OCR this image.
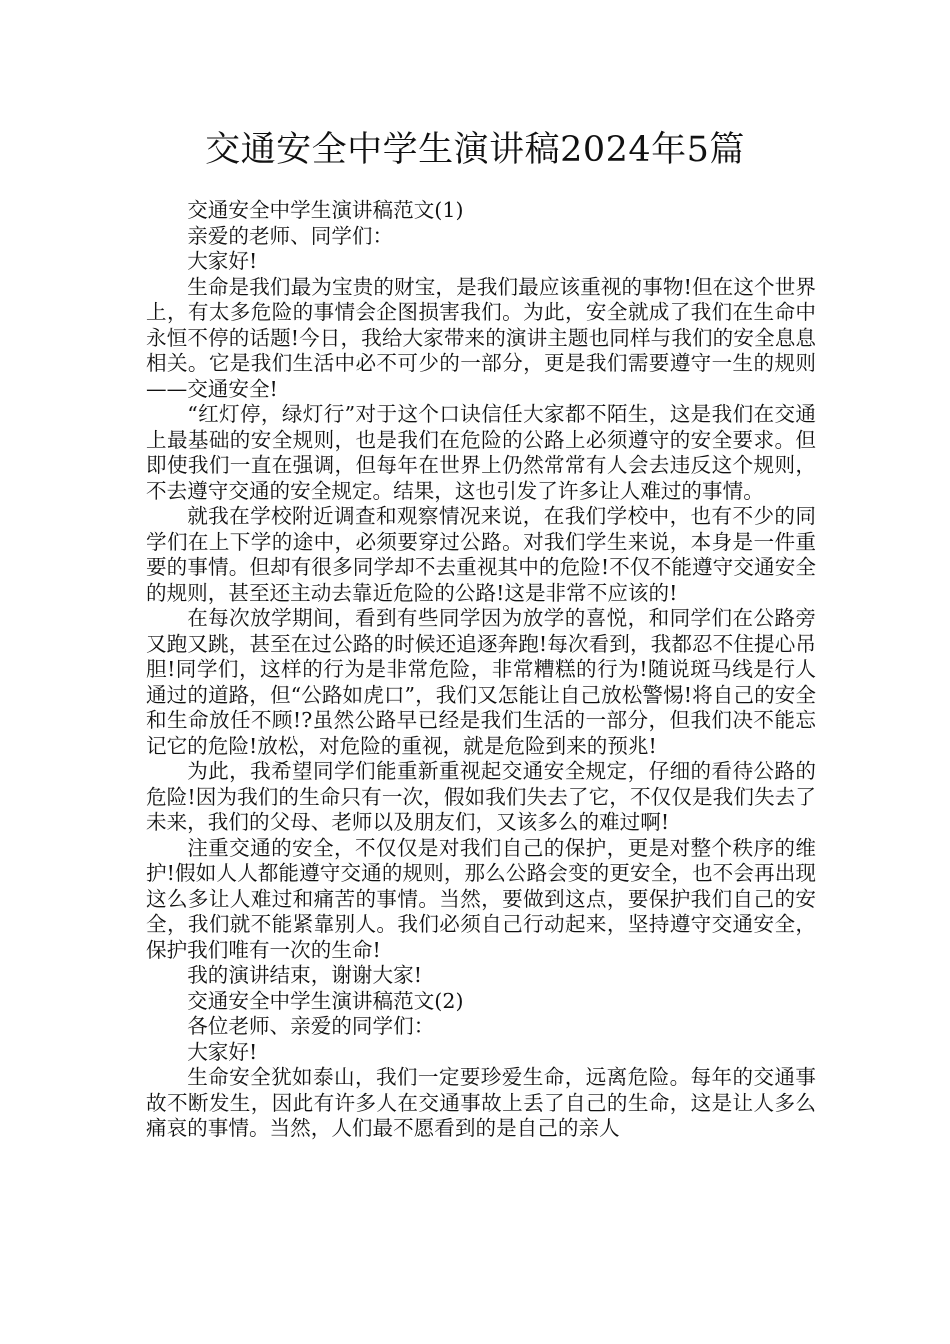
交通安全中学生演讲稿2024年5篇

交通安全中学生演讲稿范文(1)

亲爱的老师、同学们：

大家好!

生命是我们最为宝贵的财宝，是我们最应该重视的事物!但在这个世界上，有太多危险的事情会企图损害我们。为此，安全就成了我们在生命中永恒不停的话题!今日，我给大家带来的演讲主题也同样与我们的安全息息相关。它是我们生活中必不可少的一部分，更是我们需要遵守一生的规则——交通安全!

“红灯停，绿灯行”对于这个口诀信任大家都不陌生，这是我们在交通上最基础的安全规则，也是我们在危险的公路上必须遵守的安全要求。但即使我们一直在强调，但每年在世界上仍然常常有人会去违反这个规则，不去遵守交通的安全规定。结果，这也引发了许多让人难过的事情。

就我在学校附近调查和观察情况来说，在我们学校中，也有不少的同学们在上下学的途中，必须要穿过公路。对我们学生来说，本身是一件重要的事情。但却有很多同学却不去重视其中的危险!不仅不能遵守交通安全的规则，甚至还主动去靠近危险的公路!这是非常不应该的!

在每次放学期间，看到有些同学因为放学的喜悦，和同学们在公路旁又跑又跳，甚至在过公路的时候还追逐奔跑!每次看到，我都忍不住提心吊胆!同学们，这样的行为是非常危险，非常糟糕的行为!随说斑马线是行人通过的道路，但“公路如虎口”，我们又怎能让自己放松警惕!将自己的安全和生命放任不顾!?虽然公路早已经是我们生活的一部分，但我们决不能忘记它的危险!放松，对危险的重视，就是危险到来的预兆!

为此，我希望同学们能重新重视起交通安全规定，仔细的看待公路的危险!因为我们的生命只有一次，假如我们失去了它，不仅仅是我们失去了未来，我们的父母、老师以及朋友们，又该多么的难过啊!

注重交通的安全，不仅仅是对我们自己的保护，更是对整个秩序的维护!假如人人都能遵守交通的规则，那么公路会变的更安全，也不会再出现这么多让人难过和痛苦的事情。当然，要做到这点，要保护我们自己的安全，我们就不能紧靠别人。我们必须自己行动起来，坚持遵守交通安全，保护我们唯有一次的生命!

我的演讲结束，谢谢大家!

交通安全中学生演讲稿范文(2)

各位老师、亲爱的同学们：

大家好!

生命安全犹如泰山，我们一定要珍爱生命，远离危险。每年的交通事故不断发生，因此有许多人在交通事故上丢了自己的生命，这是让人多么痛哀的事情。当然，人们最不愿看到的是自己的亲人
